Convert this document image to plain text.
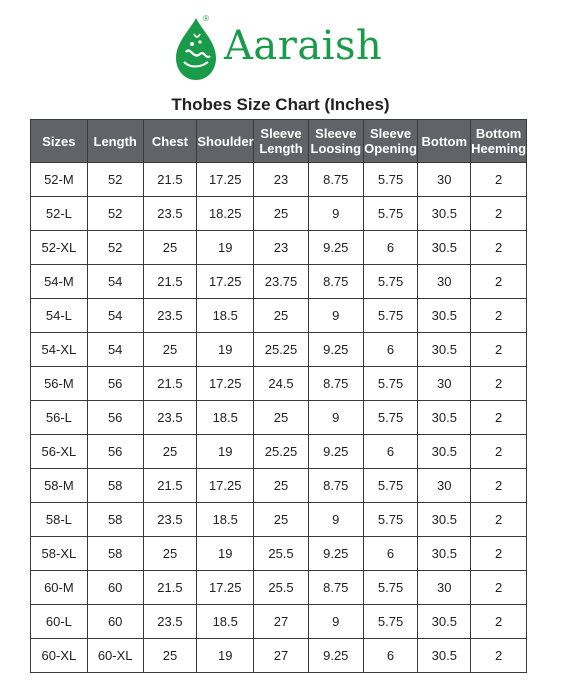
®
Aaraish
Thobes Size Chart (Inches)
Sizes	Length	Chest	Shoulder	Sleeve Length	Sleeve Loosing	Sleeve Opening	Bottom	Bottom Heeming
52-M	52	21.5	17.25	23	8.75	5.75	30	2
52-L	52	23.5	18.25	25	9	5.75	30.5	2
52-XL	52	25	19	23	9.25	6	30.5	2
54-M	54	21.5	17.25	23.75	8.75	5.75	30	2
54-L	54	23.5	18.5	25	9	5.75	30.5	2
54-XL	54	25	19	25.25	9.25	6	30.5	2
56-M	56	21.5	17.25	24.5	8.75	5.75	30	2
56-L	56	23.5	18.5	25	9	5.75	30.5	2
56-XL	56	25	19	25.25	9.25	6	30.5	2
58-M	58	21.5	17.25	25	8.75	5.75	30	2
58-L	58	23.5	18.5	25	9	5.75	30.5	2
58-XL	58	25	19	25.5	9.25	6	30.5	2
60-M	60	21.5	17.25	25.5	8.75	5.75	30	2
60-L	60	23.5	18.5	27	9	5.75	30.5	2
60-XL	60-XL	25	19	27	9.25	6	30.5	2
